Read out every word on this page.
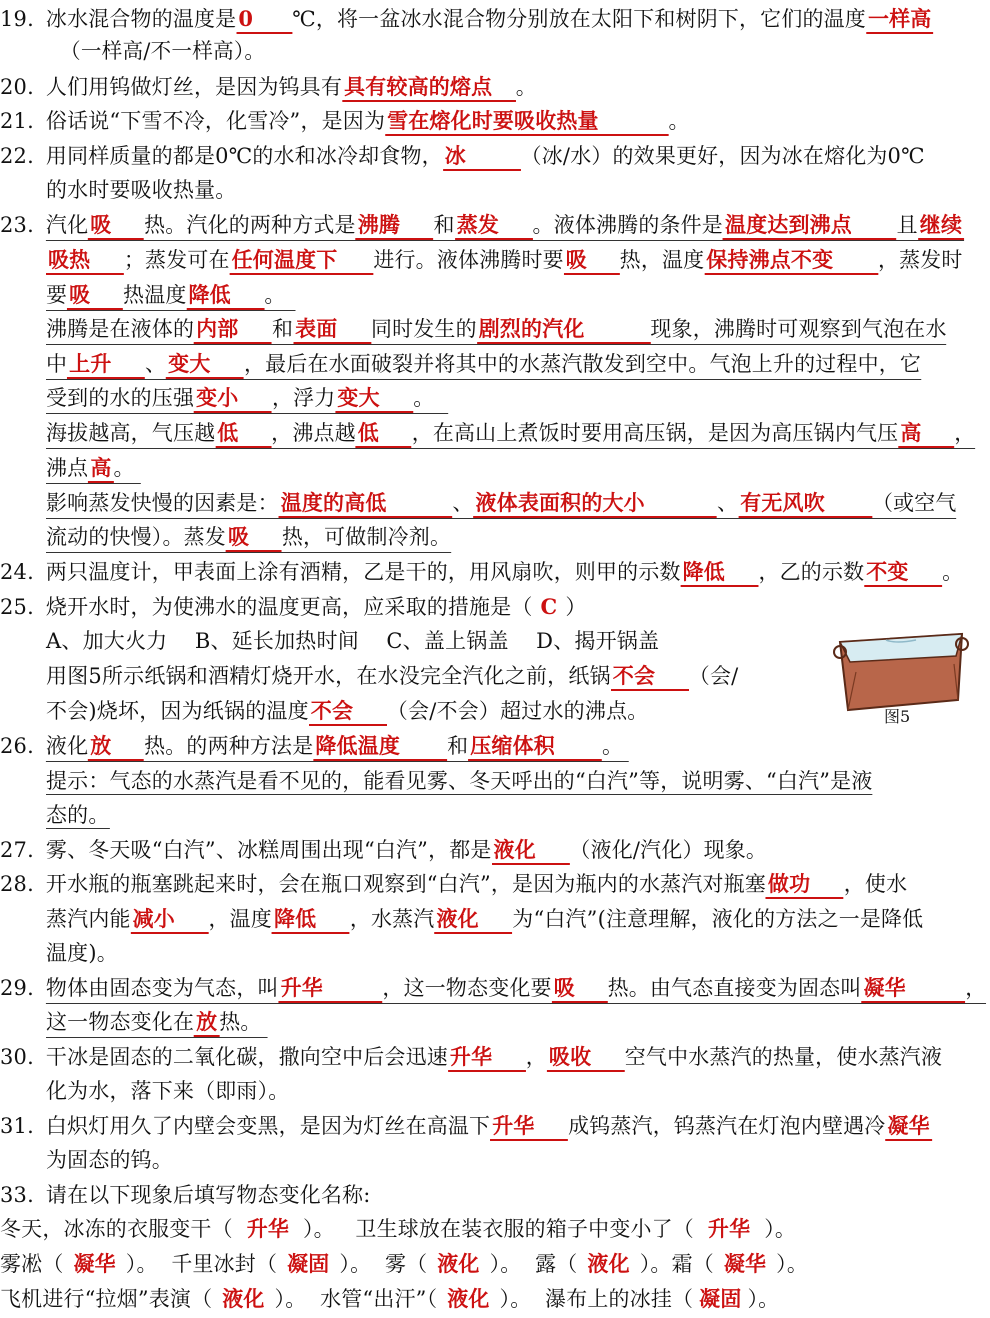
19. 冰水混合物的温度是0 ℃，将一盆冰水混合物分别放在太阳下和树阴下，它们的温度一样高
（一样高/不一样高）。
20. 人们用钨做灯丝，是因为钨具有具有较高的熔点 。
21. 俗话说“下雪不冷，化雪冷”，是因为雪在熔化时要吸收热量	。
22. 用同样质量的都是0℃的水和冰冷却食物，冰	（冰/水）的效果更好，因为冰在熔化为0℃
的水时要吸收热量。
23. 汽化吸 热。汽化的两种方式是沸腾 和蒸发 。液体沸腾的条件是温度达到沸点 且继续
吸热 ；蒸发可在任何温度下 进行。液体沸腾时要吸 热，温度保持沸点不变 ，蒸发时
要吸 热温度降低 。
沸腾是在液体的内部 和表面 同时发生的剧烈的汽化	现象，沸腾时可观察到气泡在水
中上升 、变大 ，最后在水面破裂并将其中的水蒸汽散发到空中。气泡上升的过程中，它
受到的水的压强变小 ，浮力变大 。
海拔越高，气压越低 ，沸点越低 ，在高山上煮饭时要用高压锅，是因为高压锅内气压高 ，
沸点高。
影响蒸发快慢的因素是：温度的高低	、液体表面积的大小	、有无风吹 （或空气
流动的快慢）。蒸发吸 热，可做制冷剂。
24. 两只温度计，甲表面上涂有酒精，乙是干的，用风扇吹，则甲的示数降低 ，乙的示数不变 。
25. 烧开水时，为使沸水的温度更高，应采取的措施是（ C ）
A、加大火力    B、延长加热时间    C、盖上锅盖    D、揭开锅盖
用图5所示纸锅和酒精灯烧开水，在水没完全汽化之前，纸锅不会 （会/
不会)烧坏，因为纸锅的温度不会 （会/不会）超过水的沸点。	图5
26. 液化放 热。的两种方法是降低温度 和压缩体积 。
提示：气态的水蒸汽是看不见的，能看见雾、冬天呼出的“白汽”等，说明雾、“白汽”是液
态的。
27. 雾、冬天吸“白汽”、冰糕周围出现“白汽”，都是液化 （液化/汽化）现象。
28. 开水瓶的瓶塞跳起来时，会在瓶口观察到“白汽”，是因为瓶内的水蒸汽对瓶塞做功 ，使水
蒸汽内能减小 ，温度降低 ，水蒸汽液化 为“白汽”(注意理解，液化的方法之一是降低
温度)。
29. 物体由固态变为气态，叫升华	，这一物态变化要吸 热。由气态直接变为固态叫凝华	，
这一物态变化在放热。
30. 干冰是固态的二氧化碳，撒向空中后会迅速升华 ，吸收 空气中水蒸汽的热量，使水蒸汽液
化为水，落下来（即雨）。
31. 白炽灯用久了内壁会变黑，是因为灯丝在高温下升华 成钨蒸汽，钨蒸汽在灯泡内壁遇冷凝华
为固态的钨。
33. 请在以下现象后填写物态变化名称:
冬天，冰冻的衣服变干（ 升华 ）。   卫生球放在装衣服的箱子中变小了（ 升华 ）。
雾凇（ 凝华 ）。  千里冰封（ 凝固 ）。  雾（ 液化 ）。  露（ 液化 ）。霜（ 凝华 ）。
飞机进行“拉烟”表演（ 液化 ）。  水管“出汗”（ 液化 ）。  瀑布上的冰挂（ 凝固 ）。
